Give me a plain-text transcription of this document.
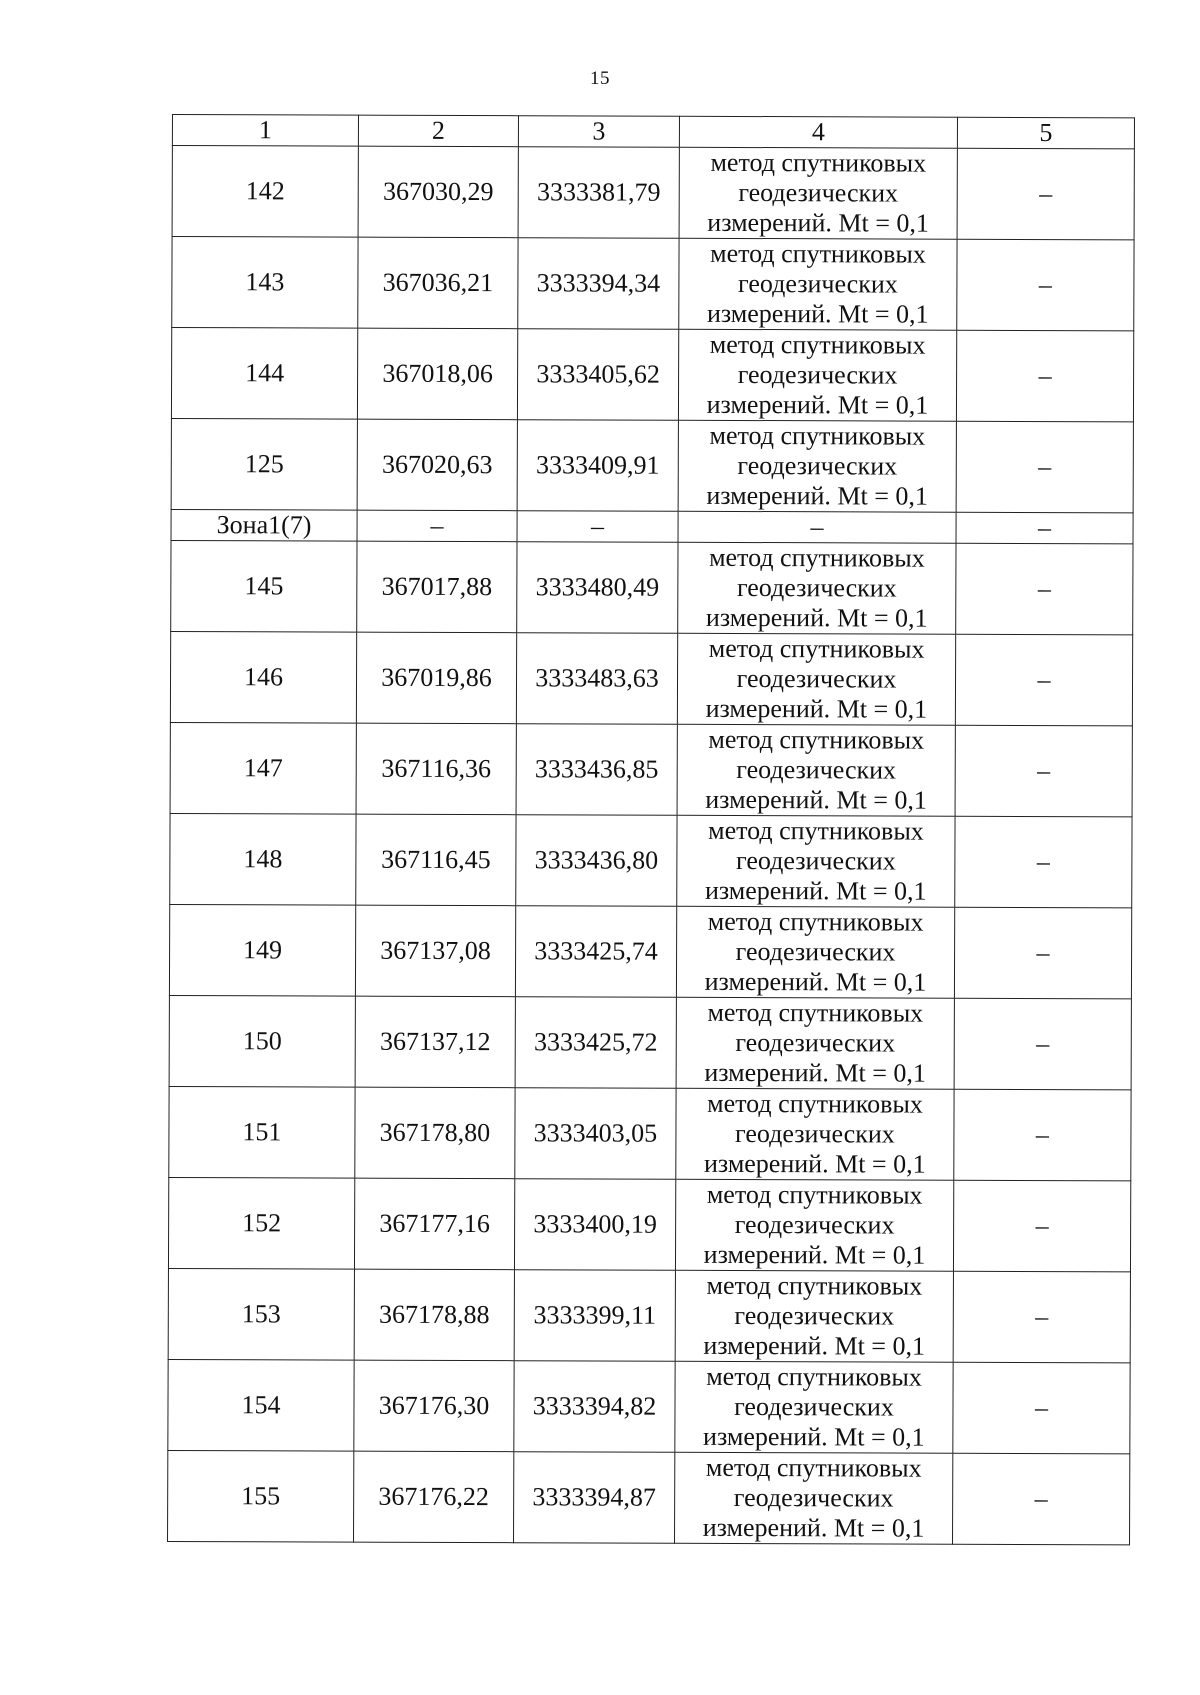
15
1	2	3	4	5
142	367030,29	3333381,79	метод спутниковых
геодезических
измерений. Mt = 0,1	–
143	367036,21	3333394,34	метод спутниковых
геодезических
измерений. Mt = 0,1	–
144	367018,06	3333405,62	метод спутниковых
геодезических
измерений. Mt = 0,1	–
125	367020,63	3333409,91	метод спутниковых
геодезических
измерений. Mt = 0,1	–
Зона1(7)	–	–	–	–
145	367017,88	3333480,49	метод спутниковых
геодезических
измерений. Mt = 0,1	–
146	367019,86	3333483,63	метод спутниковых
геодезических
измерений. Mt = 0,1	–
147	367116,36	3333436,85	метод спутниковых
геодезических
измерений. Mt = 0,1	–
148	367116,45	3333436,80	метод спутниковых
геодезических
измерений. Mt = 0,1	–
149	367137,08	3333425,74	метод спутниковых
геодезических
измерений. Mt = 0,1	–
150	367137,12	3333425,72	метод спутниковых
геодезических
измерений. Mt = 0,1	–
151	367178,80	3333403,05	метод спутниковых
геодезических
измерений. Mt = 0,1	–
152	367177,16	3333400,19	метод спутниковых
геодезических
измерений. Mt = 0,1	–
153	367178,88	3333399,11	метод спутниковых
геодезических
измерений. Mt = 0,1	–
154	367176,30	3333394,82	метод спутниковых
геодезических
измерений. Mt = 0,1	–
155	367176,22	3333394,87	метод спутниковых
геодезических
измерений. Mt = 0,1	–
